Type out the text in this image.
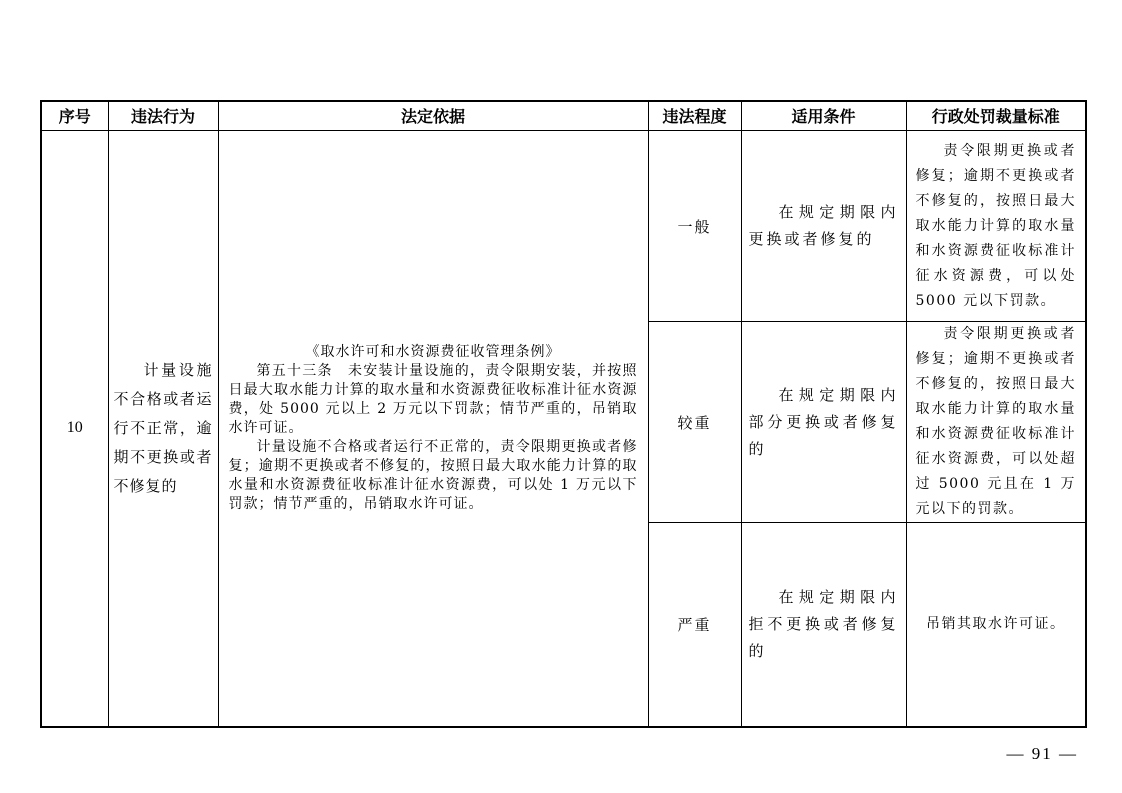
序号	违法行为	法定依据	违法程度	适用条件	行政处罚裁量标准
10	计量设施不合格或者运行不正常，逾期不更换或者不修复的	《取水许可和水资源费征收管理条例》
第五十三条　未安装计量设施的，责令限期安装，并按照日最大取水能力计算的取水量和水资源费征收标准计征水资源费，处 5000 元以上 2 万元以下罚款；情节严重的，吊销取水许可证。
计量设施不合格或者运行不正常的，责令限期更换或者修复；逾期不更换或者不修复的，按照日最大取水能力计算的取水量和水资源费征收标准计征水资源费，可以处 1 万元以下罚款；情节严重的，吊销取水许可证。	一般	在规定期限内更换或者修复的	责令限期更换或者修复；逾期不更换或者不修复的，按照日最大取水能力计算的取水量和水资源费征收标准计征水资源费，可以处 5000 元以下罚款。

			较重	在规定期限内部分更换或者修复的	责令限期更换或者修复；逾期不更换或者不修复的，按照日最大取水能力计算的取水量和水资源费征收标准计征水资源费，可以处超过 5000 元且在 1 万元以下的罚款。

			严重	在规定期限内拒不更换或者修复的	吊销其取水许可证。
— 91 —
